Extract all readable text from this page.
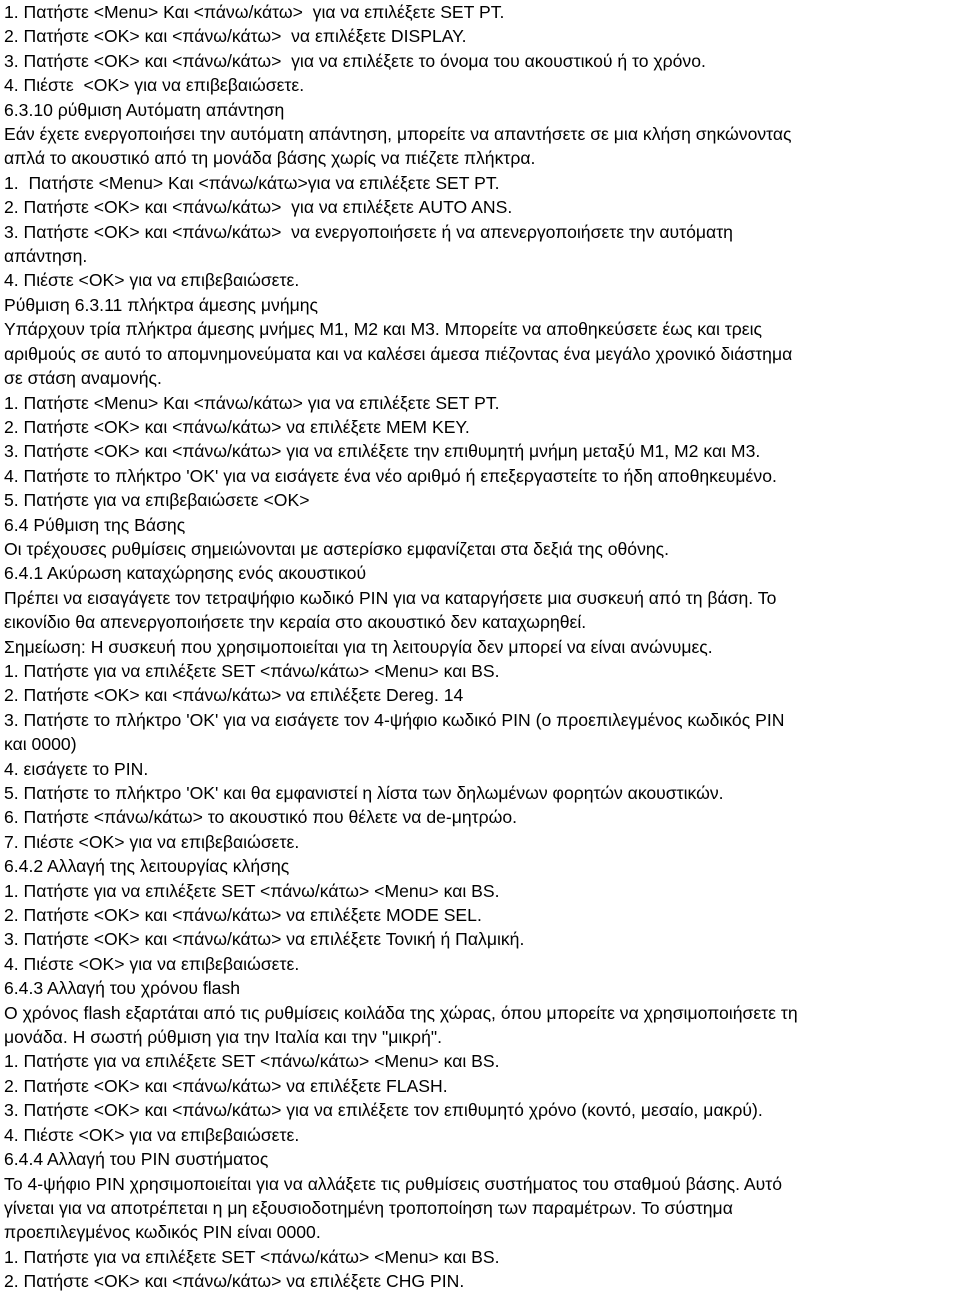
1. Πατήστε <Menu> Και <πάνω/κάτω>  για να επιλέξετε SET PT.
2. Πατήστε <OK> και <πάνω/κάτω>  να επιλέξετε DISPLAY.
3. Πατήστε <OK> και <πάνω/κάτω>  για να επιλέξετε το όνομα του ακουστικού ή το χρόνο.
4. Πιέστε  <OK> για να επιβεβαιώσετε.
6.3.10 ρύθμιση Αυτόματη απάντηση
Εάν έχετε ενεργοποιήσει την αυτόματη απάντηση, μπορείτε να απαντήσετε σε μια κλήση σηκώνοντας
απλά το ακουστικό από τη μονάδα βάσης χωρίς να πιέζετε πλήκτρα.
1.  Πατήστε <Menu> Και <πάνω/κάτω>για να επιλέξετε SET PT.
2. Πατήστε <OK> και <πάνω/κάτω>  για να επιλέξετε AUTO ANS.
3. Πατήστε <OK> και <πάνω/κάτω>  να ενεργοποιήσετε ή να απενεργοποιήσετε την αυτόματη
απάντηση.
4. Πιέστε <OK> για να επιβεβαιώσετε.
Ρύθμιση 6.3.11 πλήκτρα άμεσης μνήμης
Υπάρχουν τρία πλήκτρα άμεσης μνήμες M1, M2 και M3. Μπορείτε να αποθηκεύσετε έως και τρεις
αριθμούς σε αυτό το απομνημονεύματα και να καλέσει άμεσα πιέζοντας ένα μεγάλο χρονικό διάστημα
σε στάση αναμονής.
1. Πατήστε <Menu> Και <πάνω/κάτω> για να επιλέξετε SET PT.
2. Πατήστε <OK> και <πάνω/κάτω> να επιλέξετε MEM KEY.
3. Πατήστε <OK> και <πάνω/κάτω> για να επιλέξετε την επιθυμητή μνήμη μεταξύ M1, M2 και M3.
4. Πατήστε το πλήκτρο 'OK' για να εισάγετε ένα νέο αριθμό ή επεξεργαστείτε το ήδη αποθηκευμένο.
5. Πατήστε για να επιβεβαιώσετε <OK>
6.4 Ρύθμιση της Βάσης
Οι τρέχουσες ρυθμίσεις σημειώνονται με αστερίσκο εμφανίζεται στα δεξιά της οθόνης.
6.4.1 Ακύρωση καταχώρησης ενός ακουστικού
Πρέπει να εισαγάγετε τον τετραψήφιο κωδικό PIN για να καταργήσετε μια συσκευή από τη βάση. Το
εικονίδιο θα απενεργοποιήσετε την κεραία στο ακουστικό δεν καταχωρηθεί.
Σημείωση: Η συσκευή που χρησιμοποιείται για τη λειτουργία δεν μπορεί να είναι ανώνυμες.
1. Πατήστε για να επιλέξετε SET <πάνω/κάτω> <Menu> και BS.
2. Πατήστε <OK> και <πάνω/κάτω> να επιλέξετε Dereg. 14
3. Πατήστε το πλήκτρο 'OK' για να εισάγετε τον 4-ψήφιο κωδικό PIN (ο προεπιλεγμένος κωδικός PIN
και 0000)
4. εισάγετε το PIN.
5. Πατήστε το πλήκτρο 'OK' και θα εμφανιστεί η λίστα των δηλωμένων φορητών ακουστικών.
6. Πατήστε <πάνω/κάτω> το ακουστικό που θέλετε να de-μητρώο.
7. Πιέστε <OK> για να επιβεβαιώσετε.
6.4.2 Αλλαγή της λειτουργίας κλήσης
1. Πατήστε για να επιλέξετε SET <πάνω/κάτω> <Menu> και BS.
2. Πατήστε <OK> και <πάνω/κάτω> να επιλέξετε MODE SEL.
3. Πατήστε <OK> και <πάνω/κάτω> να επιλέξετε Τονική ή Παλμική.
4. Πιέστε <OK> για να επιβεβαιώσετε.
6.4.3 Αλλαγή του χρόνου flash
Ο χρόνος flash εξαρτάται από τις ρυθμίσεις κοιλάδα της χώρας, όπου μπορείτε να χρησιμοποιήσετε τη
μονάδα. Η σωστή ρύθμιση για την Ιταλία και την "μικρή".
1. Πατήστε για να επιλέξετε SET <πάνω/κάτω> <Menu> και BS.
2. Πατήστε <OK> και <πάνω/κάτω> να επιλέξετε FLASH.
3. Πατήστε <OK> και <πάνω/κάτω> για να επιλέξετε τον επιθυμητό χρόνο (κοντό, μεσαίο, μακρύ).
4. Πιέστε <OK> για να επιβεβαιώσετε.
6.4.4 Αλλαγή του PIN συστήματος
Το 4-ψήφιο PIN χρησιμοποιείται για να αλλάξετε τις ρυθμίσεις συστήματος του σταθμού βάσης. Αυτό
γίνεται για να αποτρέπεται η μη εξουσιοδοτημένη τροποποίηση των παραμέτρων. Το σύστημα
προεπιλεγμένος κωδικός PIN είναι 0000.
1. Πατήστε για να επιλέξετε SET <πάνω/κάτω> <Menu> και BS.
2. Πατήστε <OK> και <πάνω/κάτω> να επιλέξετε CHG PIN.
